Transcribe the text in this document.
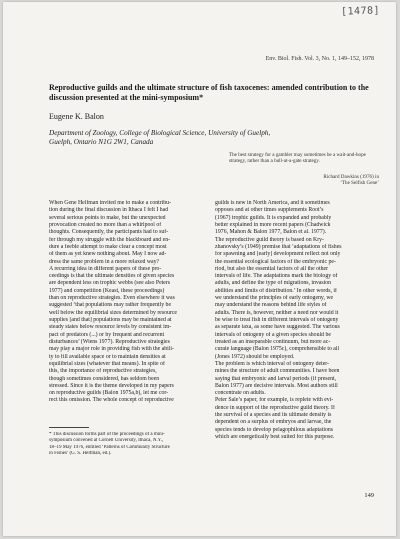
[1478]
Env. Biol. Fish. Vol. 3, No. 1, 149–152, 1978
Reproductive guilds and the ultimate structure of fish taxocenes: amended contribution to the discussion presented at the mini-symposium*
Eugene K. Balon
Department of Zoology, College of Biological Science, University of Guelph,
Guelph, Ontario N1G 2W1, Canada
The best strategy for a gambler may sometimes be a wait-and-hope strategy, rather than a bull-at-a-gate strategy.
Richard Dawkins (1976) in
‘The Selfish Gene’
When Gene Helfman invited me to make a contribu-
tion during the final discussion in Ithaca I felt I had
several serious points to make, but the unexpected
provocation created no more than a whirlpool of
thoughts. Consequently, the participants had to suf-
fer through my struggle with the blackboard and en-
dure a feeble attempt to make clear a concept most
of them as yet knew nothing about. May I now ad-
dress the same problem in a more relaxed way?
A recurring idea in different papers of these pro-
ceedings is that the ultimate densities of given species
are dependent less on trophic webbs (see also Peters
1977) and competition (Keast, these proceedings)
than on reproductive strategies. Even elsewhere it was
suggested ‘that populations may rather frequently be
well below the equilibrial sizes determined by resource
supplies [and that] populations may be maintained at
steady states below resource levels by consistent im-
pact of predators (...) or by frequent and recurrent
disturbances’ (Wiens 1977). Reproductive strategies
may play a major role in providing fish with the abili-
ty to fill available space or to maintain densities at
equilibrial sizes (whatever that means). In spite of
this, the importance of reproductive strategies,
though sometimes considered, has seldom been
stressed. Since it is the theme developed in my papers
on reproductive guilds (Balon 1975a,b), let me cor-
rect this omission. The whole concept of reproductive
guilds is new in North America, and it sometimes
opposes and at other times supplements Root’s
(1967) trophic guilds. It is expanded and probably
better explained in more recent papers (Chadwick
1976, Mahon & Balon 1977, Balon et al. 1977).
The reproductive guild theory is based on Kry-
zhanovsky’s (1949) premise that ‘adaptations of fishes
for spawning and [early] development reflect not only
the essential ecological factors of the embryonic pe-
riod, but also the essential factors of all the other
intervals of life. The adaptations mark the biology of
adults, and define the type of migrations, invasion
abilities and limits of distribution.’ In other words, if
we understand the principles of early ontogeny, we
may understand the reasons behind life styles of
adults. There is, however, neither a need nor would it
be wise to treat fish in different intervals of ontogeny
as separate taxa, as some have suggested. The various
intervals of ontogeny of a given species should be
treated as an inseparable continuum, but more ac-
curate language (Balon 1975c), comprehensible to all
(Jones 1972) should be employed.
The problem is which interval of ontogeny deter-
mines the structure of adult communities. I have been
saying that embryonic and larval periods (if present,
Balon 1977) are decisive intervals. Most authors still
concentrate on adults.
Peter Sale’s paper, for example, is replete with evi-
dence in support of the reproductive guild theory. If
the survival of a species and its ultimate density is
dependent on a surplus of embryos and larvae, the
species tends to develop pelagophilous adaptations
which are energetically best suited for this purpose.
* This discussion forms part of the proceedings of a mini-
symposium convened at Cornell University, Ithaca, N.Y.,
18–19 May 1976, entitled ‘Patterns of Community Structure
in Fishes’ (G. S. Helfman, ed.).
149
